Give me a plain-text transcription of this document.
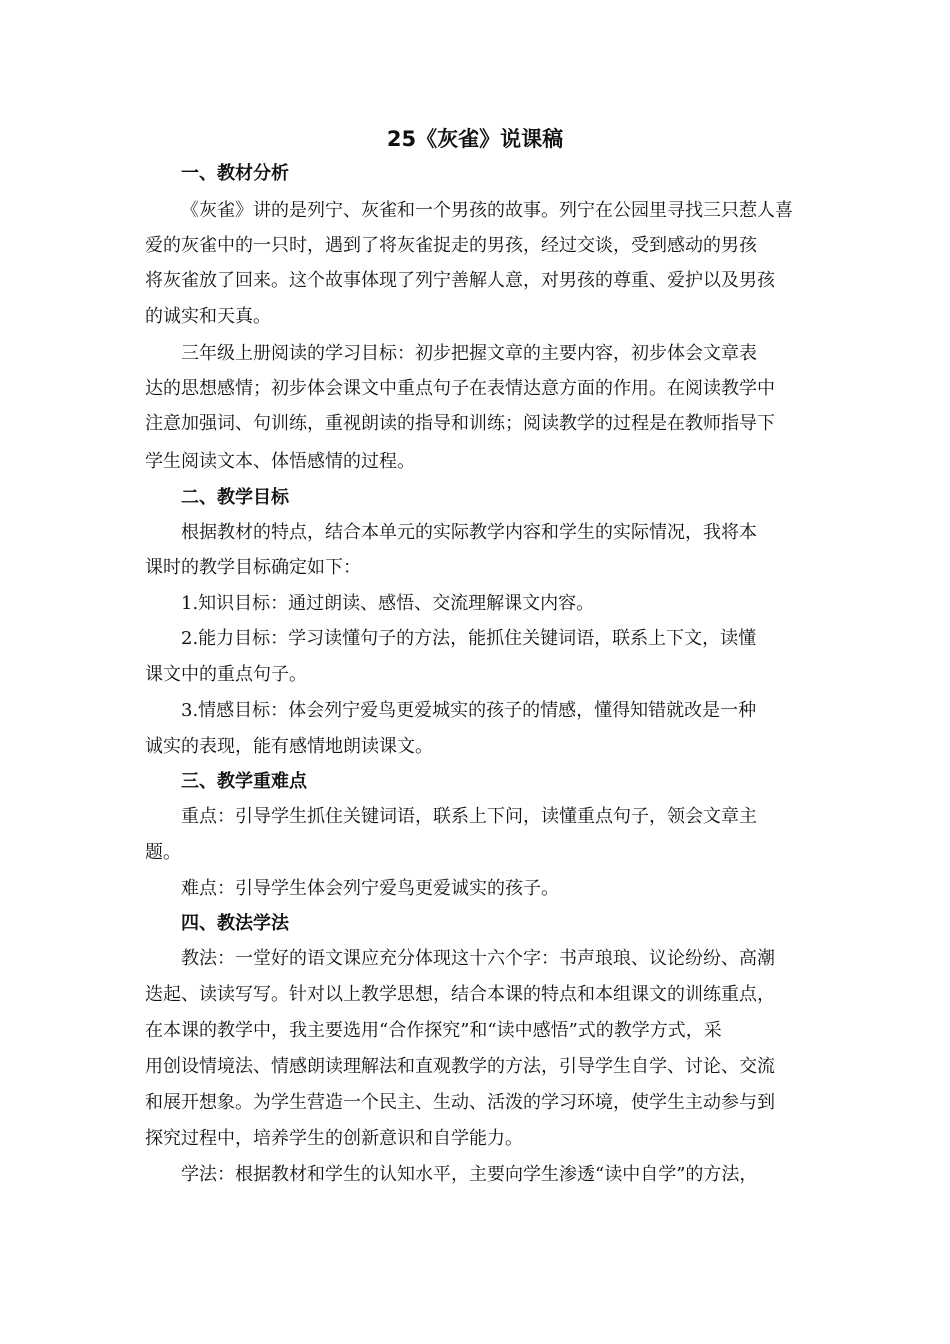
25《灰雀》说课稿
一、教材分析
《灰雀》讲的是列宁、灰雀和一个男孩的故事。列宁在公园里寻找三只惹人喜
爱的灰雀中的一只时，遇到了将灰雀捉走的男孩，经过交谈，受到感动的男孩
将灰雀放了回来。这个故事体现了列宁善解人意，对男孩的尊重、爱护以及男孩
的诚实和天真。
三年级上册阅读的学习目标：初步把握文章的主要内容，初步体会文章表
达的思想感情；初步体会课文中重点句子在表情达意方面的作用。在阅读教学中
注意加强词、句训练，重视朗读的指导和训练；阅读教学的过程是在教师指导下
学生阅读文本、体悟感情的过程。
二、教学目标
根据教材的特点，结合本单元的实际教学内容和学生的实际情况，我将本
课时的教学目标确定如下：
1.知识目标：通过朗读、感悟、交流理解课文内容。
2.能力目标：学习读懂句子的方法，能抓住关键词语，联系上下文，读懂
课文中的重点句子。
3.情感目标：体会列宁爱鸟更爱城实的孩子的情感，懂得知错就改是一种
诚实的表现，能有感情地朗读课文。
三、教学重难点
重点：引导学生抓住关键词语，联系上下问，读懂重点句子，领会文章主
题。
难点：引导学生体会列宁爱鸟更爱诚实的孩子。
四、教法学法
教法：一堂好的语文课应充分体现这十六个字：书声琅琅、议论纷纷、高潮
迭起、读读写写。针对以上教学思想，结合本课的特点和本组课文的训练重点，
在本课的教学中，我主要选用“合作探究”和“读中感悟”式的教学方式，采
用创设情境法、情感朗读理解法和直观教学的方法，引导学生自学、讨论、交流
和展开想象。为学生营造一个民主、生动、活泼的学习环境，使学生主动参与到
探究过程中，培养学生的创新意识和自学能力。
学法：根据教材和学生的认知水平，主要向学生渗透“读中自学”的方法，
